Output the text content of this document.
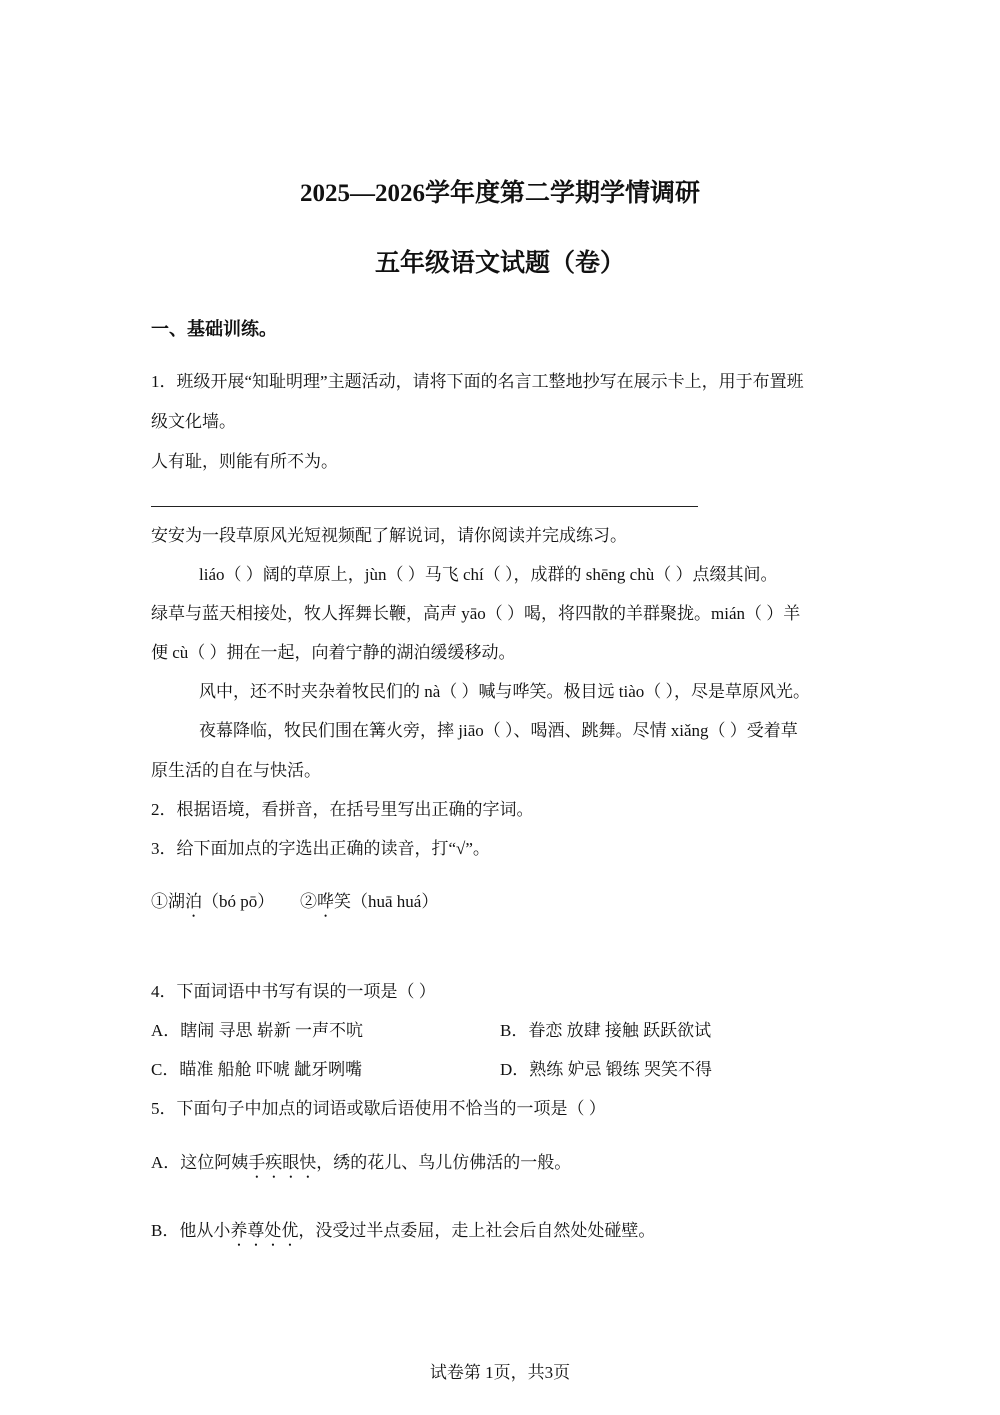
2025—2026学年度第二学期学情调研
五年级语文试题（卷）
一、基础训练。
1．班级开展“知耻明理”主题活动，请将下面的名言工整地抄写在展示卡上，用于布置班
级文化墙。
人有耻，则能有所不为。
安安为一段草原风光短视频配了解说词，请你阅读并完成练习。
liáo（ ）阔的草原上，jùn（ ）马飞 chí（ ），成群的 shēng chù（ ）点缀其间。
绿草与蓝天相接处，牧人挥舞长鞭，高声 yāo（ ）喝，将四散的羊群聚拢。mián（ ）羊
便 cù（ ）拥在一起，向着宁静的湖泊缓缓移动。
风中，还不时夹杂着牧民们的 nà（ ）喊与哗笑。极目远 tiào（ ），尽是草原风光。
夜幕降临，牧民们围在篝火旁，摔 jiāo（ ）、喝酒、跳舞。尽情 xiǎng（ ）受着草
原生活的自在与快活。
2．根据语境，看拼音，在括号里写出正确的字词。
3．给下面加点的字选出正确的读音，打“√”。
①湖泊（bó pō） ②哗笑（huā huá）
4．下面词语中书写有误的一项是（ ）
A．瞎闹 寻思 崭新 一声不吭	B．眷恋 放肆 接触 跃跃欲试
C．瞄准 船舱 吓唬 龇牙咧嘴	D．熟练 妒忌 锻练 哭笑不得
5．下面句子中加点的词语或歇后语使用不恰当的一项是（ ）
A．这位阿姨手疾眼快，绣的花儿、鸟儿仿佛活的一般。
B．他从小养尊处优，没受过半点委屈，走上社会后自然处处碰壁。
试卷第 1页，共3页
